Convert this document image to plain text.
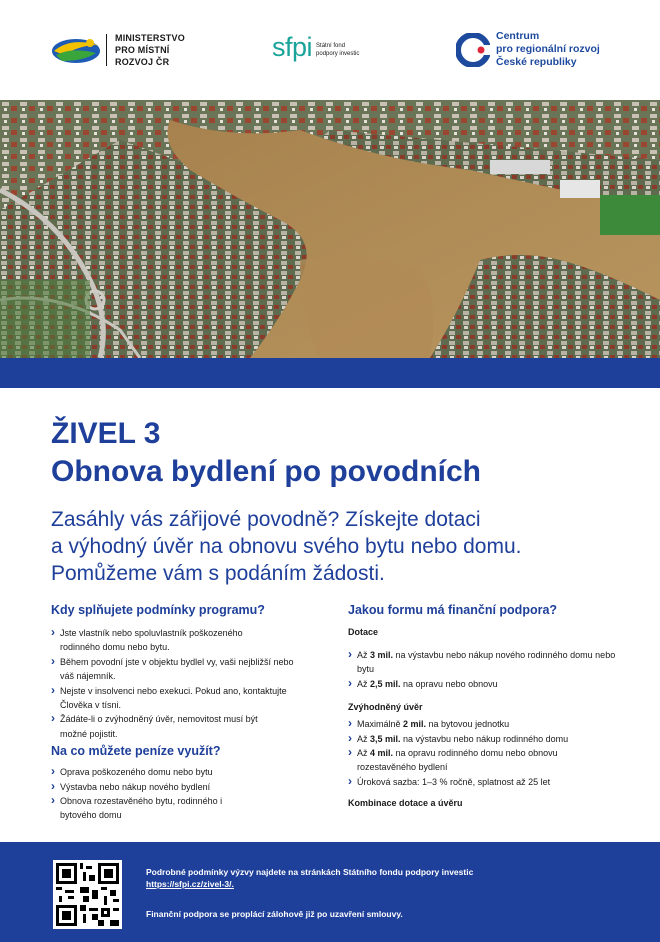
MINISTERSTVO
PRO MÍSTNÍ
ROZVOJ ČR	sfpi Státní fond
podpory investic
Centrum
pro regionální rozvoj
České republiky
ŽIVEL 3
Obnova bydlení po povodních
Zasáhly vás zářijové povodně? Získejte dotaci
a výhodný úvěr na obnovu svého bytu nebo domu.
Pomůžeme vám s podáním žádosti.
Kdy splňujete podmínky programu?
› Jste vlastník nebo spoluvlastník poškozeného rodinného domu nebo bytu.
› Během povodní jste v objektu bydlel vy, vaši nejbližší nebo váš nájemník.
› Nejste v insolvenci nebo exekuci. Pokud ano, kontaktujte Člověka v tísni.
› Žádáte-li o zvýhodněný úvěr, nemovitost musí být možné pojistit.
Na co můžete peníze využít?
› Oprava poškozeného domu nebo bytu
› Výstavba nebo nákup nového bydlení
› Obnova rozestavěného bytu, rodinného i bytového domu
Jakou formu má finanční podpora?
Dotace
› Až 3 mil. na výstavbu nebo nákup nového rodinného domu nebo bytu
› Až 2,5 mil. na opravu nebo obnovu
Zvýhodněný úvěr
› Maximálně 2 mil. na bytovou jednotku
› Až 3,5 mil. na výstavbu nebo nákup rodinného domu
› Až 4 mil. na opravu rodinného domu nebo obnovu rozestavěného bydlení
› Úroková sazba: 1–3 % ročně, splatnost až 25 let
Kombinace dotace a úvěru
Podrobné podmínky výzvy najdete na stránkách Státního fondu podpory investic
https://sfpi.cz/zivel-3/.
Finanční podpora se proplácí zálohově již po uzavření smlouvy.
